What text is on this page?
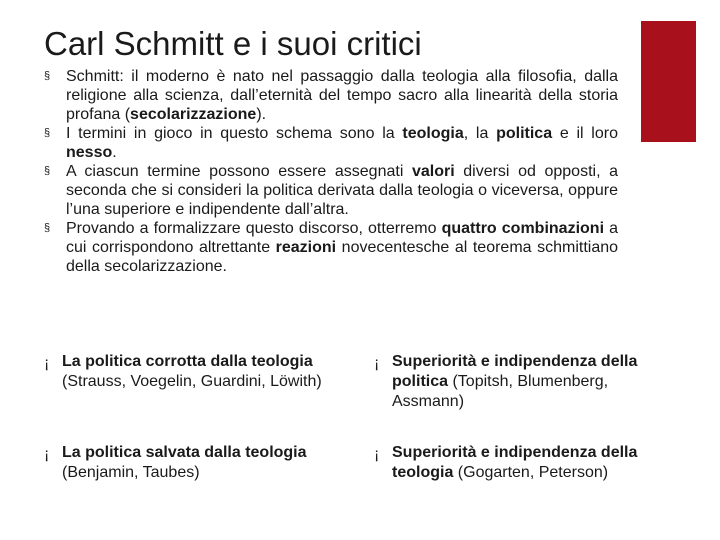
Carl Schmitt e i suoi critici
§ Schmitt: il moderno è nato nel passaggio dalla teologia alla filosofia, dalla religione alla scienza, dall’eternità del tempo sacro alla linearità della storia profana (secolarizzazione).
§ I termini in gioco in questo schema sono la teologia, la politica e il loro nesso.
§ A ciascun termine possono essere assegnati valori diversi od opposti, a seconda che si consideri la politica derivata dalla teologia o viceversa, oppure l’una superiore e indipendente dall’altra.
§ Provando a formalizzare questo discorso, otterremo quattro combinazioni a cui corrispondono altrettante reazioni novecentesche al teorema schmittiano della secolarizzazione.
¡ La politica corrotta dalla teologia
(Strauss, Voegelin, Guardini, Löwith)
¡ Superiorità e indipendenza della politica (Topitsh, Blumenberg, Assmann)
¡ La politica salvata dalla teologia
(Benjamin, Taubes)
¡ Superiorità e indipendenza della teologia (Gogarten, Peterson)
